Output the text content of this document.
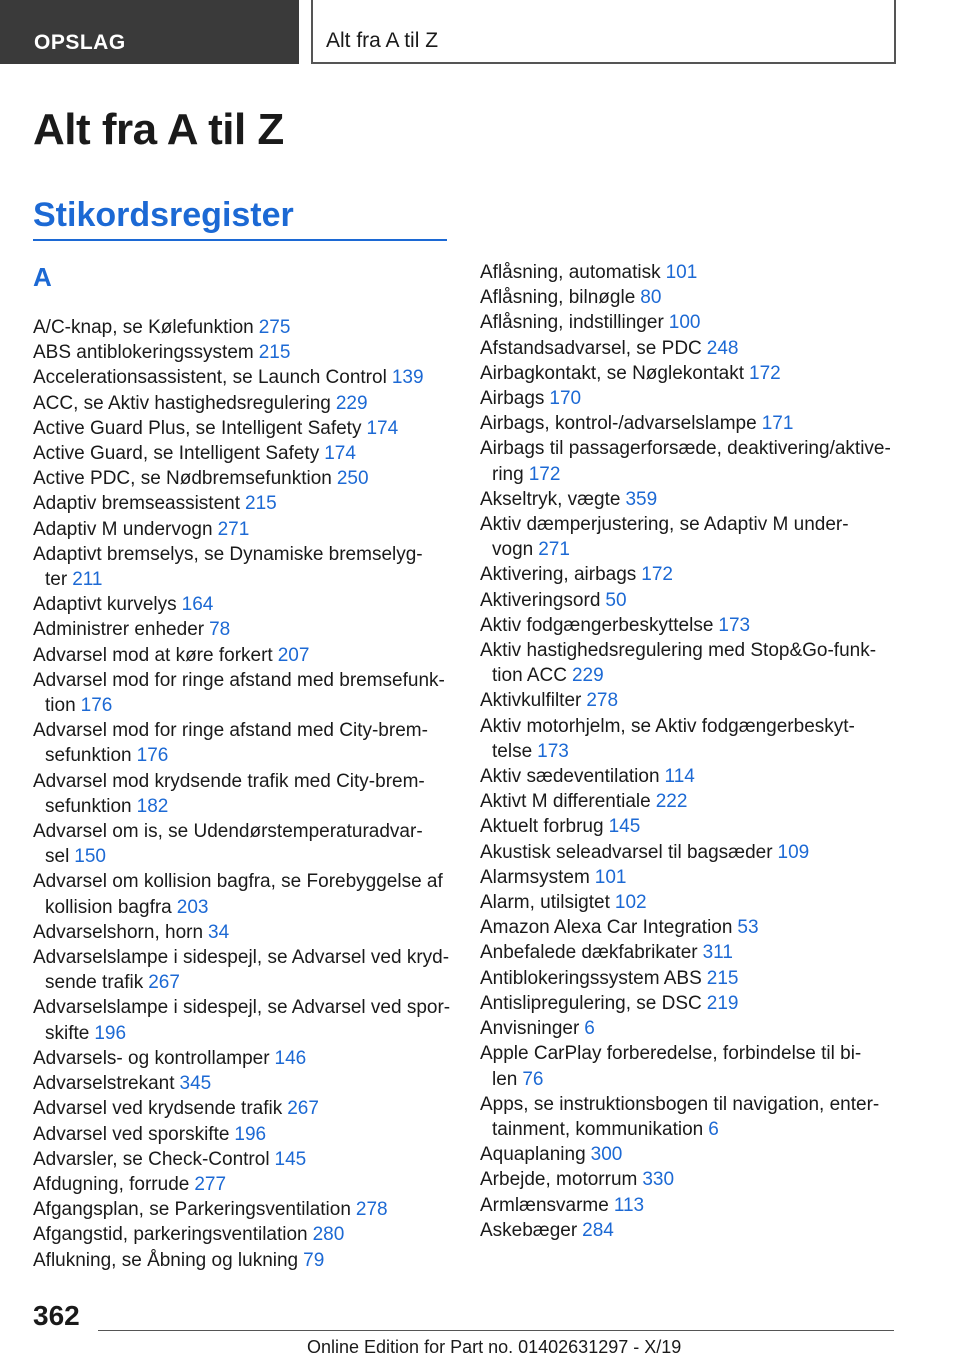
OPSLAG	Alt fra A til Z
Alt fra A til Z
Stikordsregister
A
A/C-knap, se Kølefunktion 275
ABS antiblokeringssystem 215
Accelerationsassistent, se Launch Control 139
ACC, se Aktiv hastighedsregulering 229
Active Guard Plus, se Intelligent Safety 174
Active Guard, se Intelligent Safety 174
Active PDC, se Nødbremsefunktion 250
Adaptiv bremseassistent 215
Adaptiv M undervogn 271
Adaptivt bremselys, se Dynamiske bremselyg-
ter 211
Adaptivt kurvelys 164
Administrer enheder 78
Advarsel mod at køre forkert 207
Advarsel mod for ringe afstand med bremsefunk-
tion 176
Advarsel mod for ringe afstand med City-brem-
sefunktion 176
Advarsel mod krydsende trafik med City-brem-
sefunktion 182
Advarsel om is, se Udendørstemperaturadvar-
sel 150
Advarsel om kollision bagfra, se Forebyggelse af
kollision bagfra 203
Advarselshorn, horn 34
Advarselslampe i sidespejl, se Advarsel ved kryd-
sende trafik 267
Advarselslampe i sidespejl, se Advarsel ved spor-
skifte 196
Advarsels- og kontrollamper 146
Advarselstrekant 345
Advarsel ved krydsende trafik 267
Advarsel ved sporskifte 196
Advarsler, se Check-Control 145
Afdugning, forrude 277
Afgangsplan, se Parkeringsventilation 278
Afgangstid, parkeringsventilation 280
Aflukning, se Åbning og lukning 79
Aflåsning, automatisk 101
Aflåsning, bilnøgle 80
Aflåsning, indstillinger 100
Afstandsadvarsel, se PDC 248
Airbagkontakt, se Nøglekontakt 172
Airbags 170
Airbags, kontrol-/advarselslampe 171
Airbags til passagerforsæde, deaktivering/aktive-
ring 172
Akseltryk, vægte 359
Aktiv dæmperjustering, se Adaptiv M under-
vogn 271
Aktivering, airbags 172
Aktiveringsord 50
Aktiv fodgængerbeskyttelse 173
Aktiv hastighedsregulering med Stop&Go-funk-
tion ACC 229
Aktivkulfilter 278
Aktiv motorhjelm, se Aktiv fodgængerbeskyt-
telse 173
Aktiv sædeventilation 114
Aktivt M differentiale 222
Aktuelt forbrug 145
Akustisk seleadvarsel til bagsæder 109
Alarmsystem 101
Alarm, utilsigtet 102
Amazon Alexa Car Integration 53
Anbefalede dækfabrikater 311
Antiblokeringssystem ABS 215
Antislipregulering, se DSC 219
Anvisninger 6
Apple CarPlay forberedelse, forbindelse til bi-
len 76
Apps, se instruktionsbogen til navigation, enter-
tainment, kommunikation 6
Aquaplaning 300
Arbejde, motorrum 330
Armlænsvarme 113
Askebæger 284
362
Online Edition for Part no. 01402631297 - X/19
